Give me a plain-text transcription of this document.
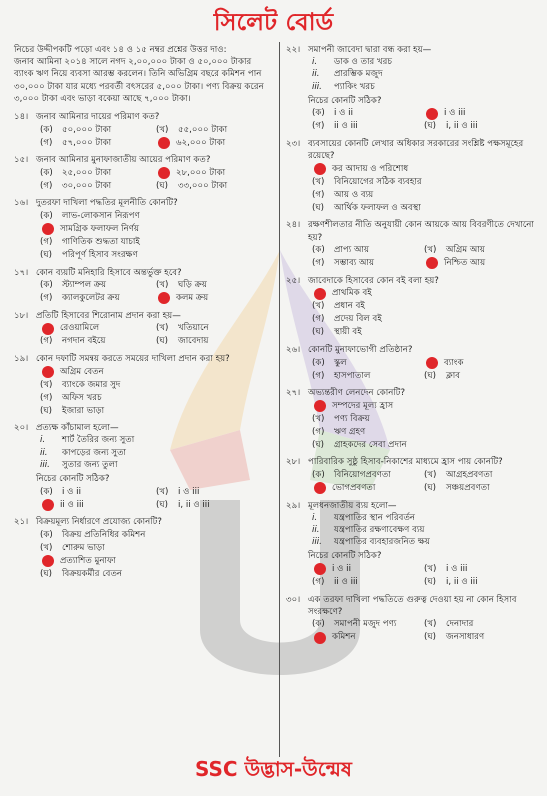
সিলেট বোর্ড
নিচের উদ্দীপকটি পড়ো এবং ১৪ ও ১৫ নম্বর প্রশ্নের উত্তর দাও:
জনাব আমিনা ২০১৪ সালে নগদ ২,০০,০০০ টাকা ও ৫০,০০০ টাকার ব্যাংক ঋণ নিয়ে ব্যবসা আরম্ভ করলেন। তিনি অভিগ্রিম বছরে কমিশন পান ৩০,০০০ টাকা যার মধ্যে পরবর্তী বৎসরের ৫,০০০ টাকা। পণ্য বিক্রয় করেন ৩,০০০ টাকা এবং ভাড়া বকেয়া আছে ৭,০০০ টাকা।
১৪। জনাব আমিনার দায়ের পরিমাণ কত?
(ক)	৫০,০০০ টাকা	(খ)	৫৫,০০০ টাকা
(গ)	৫৭,০০০ টাকা	৬২,০০০ টাকা
১৫। জনাব আমিনার মুনাফাজাতীয় আয়ের পরিমাণ কত?
(ক)	২৫,০০০ টাকা	২৮,০০০ টাকা
(গ)	৩০,০০০ টাকা	(ঘ)	৩৩,০০০ টাকা
১৬। দুতরফা দাখিলা পদ্ধতির মূলনীতি কোনটি?
(ক)	লাভ-লোকসান নিরূপণ
সামগ্রিক ফলাফল নির্ণয়
(গ)	গাণিতিক শুদ্ধতা যাচাই
(ঘ)	পরিপূর্ণ হিসাব সংরক্ষণ
১৭। কোন ব্যয়টি মনিহারি হিসাবে অন্তর্ভুক্ত হবে?
(ক)	স্ট্যাম্পল ক্রয়	(খ)	ঘড়ি ক্রয়
(গ)	ক্যালকুলেটর ক্রয়	কলম ক্রয়
১৮। প্রতিটি হিসাবের শিরোনাম প্রদান করা হয়—
রেওয়ামিলে	(খ)	খতিয়ানে
(গ)	নগদান বইয়ে	(ঘ)	জাবেদায়
১৯। কোন দফাটি সমন্বয় করতে সময়ের দাখিলা প্রদান করা হয়?
অগ্রিম বেতন
(খ)	ব্যাংকে জমার সুদ
(গ)	অফিস খরচ
(ঘ)	ইজারা ভাড়া
২০। প্রত্যক্ষ কাঁচামাল হলো—
i.	শার্ট তৈরির জন্য সুতা
ii.	কাপড়ের জন্য সুতা
iii.	সুতার জন্য তুলা
নিচের কোনটি সঠিক?
(ক)	i ও ii	(খ)	i ও iii
ii ও iii	(ঘ)	i, ii ও iii
২১। বিক্রয়মূল্য নির্ধারণে প্রযোজ্য কোনটি?
(ক)	বিক্রয় প্রতিনিধির কমিশন
(খ)	শোরুম ভাড়া
প্রত্যাশিত মুনাফা
(ঘ)	বিক্রয়কর্মীর বেতন
২২। সমাপনী জাবেদা দ্বারা বন্ধ করা হয়—
i.	ডাক ও তার খরচ
ii.	প্রারম্ভিক মজুদ
iii.	প্যাকিং খরচ
নিচের কোনটি সঠিক?
(ক)	i ও ii	i ও iii
(গ)	ii ও iii	(ঘ)	i, ii ও iii
২৩। ব্যবসায়ের কোনটি লেখার অধিকার সরকারের সংশ্লিষ্ট পক্ষসমূহের রয়েছে?
কর আদায় ও পরিশোধ
(খ)	বিনিয়োগের সঠিক ব্যবহার
(গ)	আয় ও ব্যয়
(ঘ)	আর্থিক ফলাফল ও অবস্থা
২৪। রক্ষণশীলতার নীতি অনুযায়ী কোন আয়কে আয় বিবরণীতে দেখানো হয়?
(ক)	প্রাপ্য আয়	(খ)	অগ্রিম আয়
(গ)	সম্ভাব্য আয়	নিশ্চিত আয়
২৫। জাবেদাকে হিসাবের কোন বই বলা হয়?
প্রাথমিক বই
(খ)	প্রধান বই
(গ)	প্রদেয় বিল বই
(ঘ)	স্থায়ী বই
২৬। কোনটি মুনাফাভোগী প্রতিষ্ঠান?
(ক)	স্কুল	ব্যাংক
(গ)	হাসপাতাল	(ঘ)	ক্লাব
২৭। অভ্যন্তরীণ লেনদেন কোনটি?
সম্পদের মূল্য হ্রাস
(খ)	পণ্য বিক্রয়
(গ)	ঋণ গ্রহণ
(ঘ)	গ্রাহকদের সেবা প্রদান
২৮। পারিবারিক সুষ্ঠু হিসাব-নিকাশের মাধ্যমে হ্রাস পায় কোনটি?
(ক)	বিনিয়োগপ্রবণতা	(খ)	আগ্রহপ্রবণতা
ভোগপ্রবণতা	(ঘ)	সঞ্চয়প্রবণতা
২৯। মূলধনজাতীয় ব্যয় হলো—
i.	যন্ত্রপাতির স্থান পরিবর্তন
ii.	যন্ত্রপাতির রক্ষণাবেক্ষণ ব্যয়
iii.	যন্ত্রপাতির ব্যবহারজনিত ক্ষয়
নিচের কোনটি সঠিক?
i ও ii	(খ)	i ও iii
(গ)	ii ও iii	(ঘ)	i, ii ও iii
৩০। এক তরফা দাখিলা পদ্ধতিতে গুরুত্ব দেওয়া হয় না কোন হিসাব সংরক্ষণে?
(ক)	সমাপনী মজুদ পণ্য	(খ)	দেনাদার
কমিশন	(ঘ)	জনসাধারণ
SSC উদ্ভাস-উন্মেষ
